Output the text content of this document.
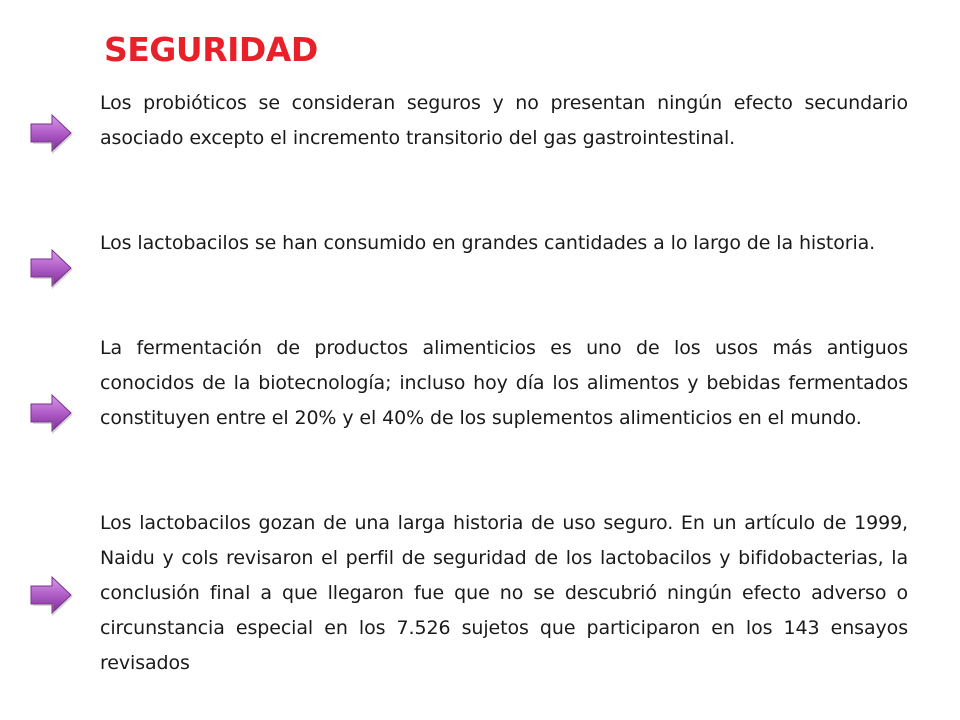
SEGURIDAD

Los probióticos se consideran seguros y no presentan ningún efecto secundario asociado excepto el incremento transitorio del gas gastrointestinal.

Los lactobacilos se han consumido en grandes cantidades a lo largo de la historia.

La fermentación de productos alimenticios es uno de los usos más antiguos conocidos de la biotecnología; incluso hoy día los alimentos y bebidas fermentados constituyen entre el 20% y el 40% de los suplementos alimenticios en el mundo.

Los lactobacilos gozan de una larga historia de uso seguro. En un artículo de 1999, Naidu y cols revisaron el perfil de seguridad de los lactobacilos y bifidobacterias, la conclusión final a que llegaron fue que no se descubrió ningún efecto adverso o circunstancia especial en los 7.526 sujetos que participaron en los 143 ensayos revisados
